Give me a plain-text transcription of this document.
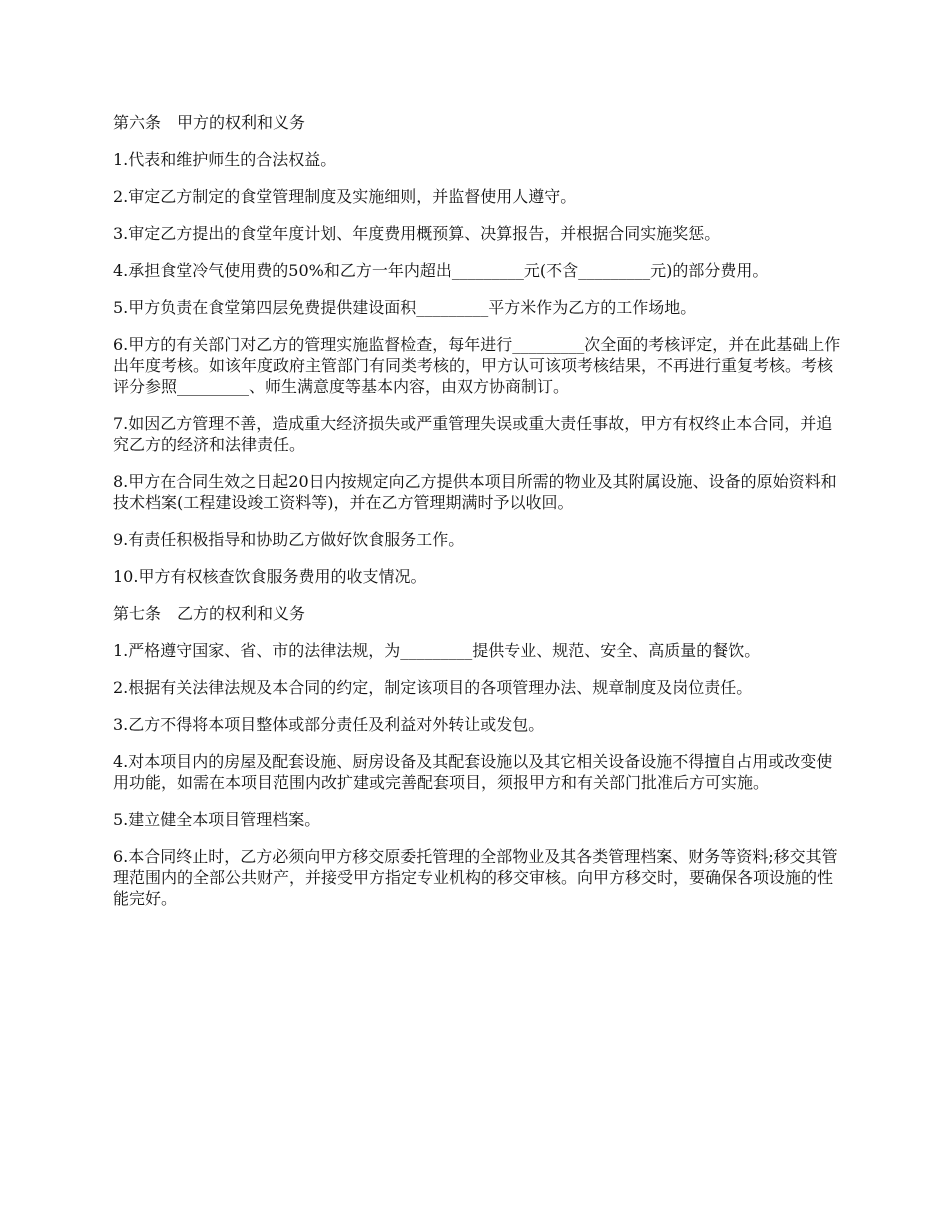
第六条　甲方的权利和义务

1.代表和维护师生的合法权益。

2.审定乙方制定的食堂管理制度及实施细则，并监督使用人遵守。

3.审定乙方提出的食堂年度计划、年度费用概预算、决算报告，并根据合同实施奖惩。

4.承担食堂冷气使用费的50%和乙方一年内超出_________元(不含_________元)的部分费用。

5.甲方负责在食堂第四层免费提供建设面积_________平方米作为乙方的工作场地。

6.甲方的有关部门对乙方的管理实施监督检查，每年进行_________次全面的考核评定，并在此基础上作出年度考核。如该年度政府主管部门有同类考核的，甲方认可该项考核结果，不再进行重复考核。考核评分参照_________、师生满意度等基本内容，由双方协商制订。

7.如因乙方管理不善，造成重大经济损失或严重管理失误或重大责任事故，甲方有权终止本合同，并追究乙方的经济和法律责任。

8.甲方在合同生效之日起20日内按规定向乙方提供本项目所需的物业及其附属设施、设备的原始资料和技术档案(工程建设竣工资料等)，并在乙方管理期满时予以收回。

9.有责任积极指导和协助乙方做好饮食服务工作。

10.甲方有权核查饮食服务费用的收支情况。

第七条　乙方的权利和义务

1.严格遵守国家、省、市的法律法规，为_________提供专业、规范、安全、高质量的餐饮。

2.根据有关法律法规及本合同的约定，制定该项目的各项管理办法、规章制度及岗位责任。

3.乙方不得将本项目整体或部分责任及利益对外转让或发包。

4.对本项目内的房屋及配套设施、厨房设备及其配套设施以及其它相关设备设施不得擅自占用或改变使用功能，如需在本项目范围内改扩建或完善配套项目，须报甲方和有关部门批准后方可实施。

5.建立健全本项目管理档案。

6.本合同终止时，乙方必须向甲方移交原委托管理的全部物业及其各类管理档案、财务等资料;移交其管理范围内的全部公共财产，并接受甲方指定专业机构的移交审核。向甲方移交时，要确保各项设施的性能完好。
